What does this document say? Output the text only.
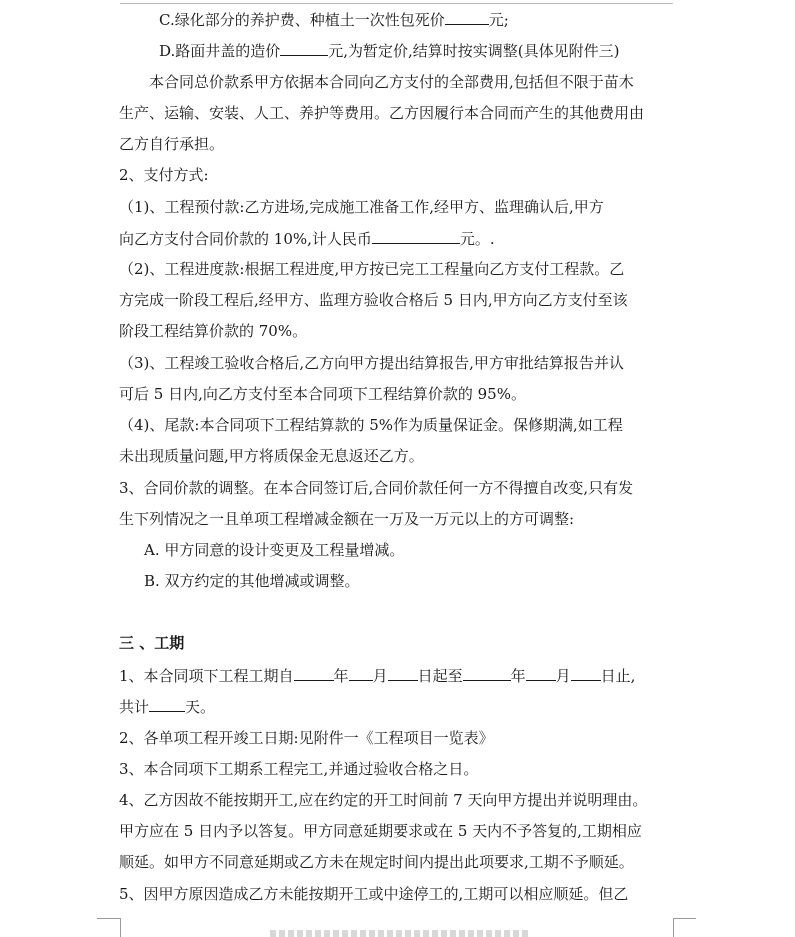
C.绿化部分的养护费、种植土一次性包死价	元;
D.路面井盖的造价	元,为暂定价,结算时按实调整(具体见附件三)
本合同总价款系甲方依据本合同向乙方支付的全部费用,包括但不限于苗木
生产、运输、安装、人工、养护等费用。乙方因履行本合同而产生的其他费用由
乙方自行承担。
2、支付方式:
（1)、工程预付款:乙方进场,完成施工准备工作,经甲方、监理确认后,甲方
向乙方支付合同价款的 10%,计人民币	元。.
（2)、工程进度款:根据工程进度,甲方按已完工工程量向乙方支付工程款。乙
方完成一阶段工程后,经甲方、监理方验收合格后 5 日内,甲方向乙方支付至该
阶段工程结算价款的 70%。
（3)、工程竣工验收合格后,乙方向甲方提出结算报告,甲方审批结算报告并认
可后 5 日内,向乙方支付至本合同项下工程结算价款的 95%。
（4)、尾款:本合同项下工程结算款的 5%作为质量保证金。保修期满,如工程
未出现质量问题,甲方将质保金无息返还乙方。
3、合同价款的调整。在本合同签订后,合同价款任何一方不得擅自改变,只有发
生下列情况之一且单项工程增减金额在一万及一万元以上的方可调整:
A. 甲方同意的设计变更及工程量增减。
B. 双方约定的其他增减或调整。
三 、工期
1、本合同项下工程工期自	年 月 日起至	年 月 日止,
共计 天。
2、各单项工程开竣工日期:见附件一《工程项目一览表》
3、本合同项下工期系工程完工,并通过验收合格之日。
4、乙方因故不能按期开工,应在约定的开工时间前 7 天向甲方提出并说明理由。
甲方应在 5 日内予以答复。甲方同意延期要求或在 5 天内不予答复的,工期相应
顺延。如甲方不同意延期或乙方未在规定时间内提出此项要求,工期不予顺延。
5、因甲方原因造成乙方未能按期开工或中途停工的,工期可以相应顺延。但乙
